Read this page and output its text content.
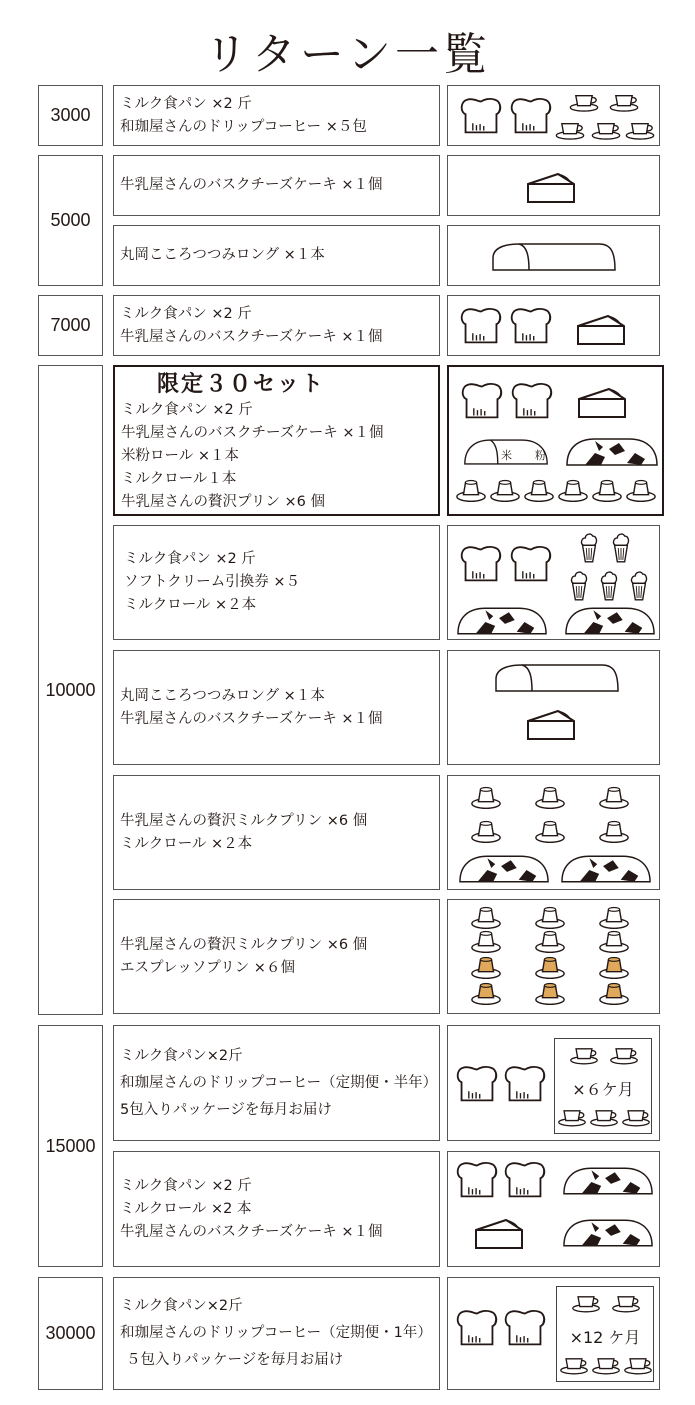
リターン一覧
3000
ミルク食パン ×2 斤
和珈屋さんのドリップコーヒー ×５包
5000
牛乳屋さんのバスクチーズケーキ ×１個
丸岡こころつつみロング ×１本
7000
ミルク食パン ×2 斤
牛乳屋さんのバスクチーズケーキ ×１個
10000
限定３０セット
ミルク食パン ×2 斤
牛乳屋さんのバスクチーズケーキ ×１個
米粉ロール ×１本
ミルクロール１本
牛乳屋さんの贅沢プリン ×6 個
米　粉
ミルク食パン ×2 斤
ソフトクリーム引換券 ×５
ミルクロール ×２本
丸岡こころつつみロング ×１本
牛乳屋さんのバスクチーズケーキ ×１個
牛乳屋さんの贅沢ミルクプリン ×6 個
ミルクロール ×２本
牛乳屋さんの贅沢ミルクプリン ×6 個
エスプレッソプリン ×６個
15000
ミルク食パン×2斤
和珈屋さんのドリップコーヒー（定期便・半年）
5包入りパッケージを毎月お届け
×６ケ月
ミルク食パン ×2 斤
ミルクロール ×2 本
牛乳屋さんのバスクチーズケーキ ×１個
30000
ミルク食パン×2斤
和珈屋さんのドリップコーヒー（定期便・1年）
５包入りパッケージを毎月お届け
×12 ケ月
